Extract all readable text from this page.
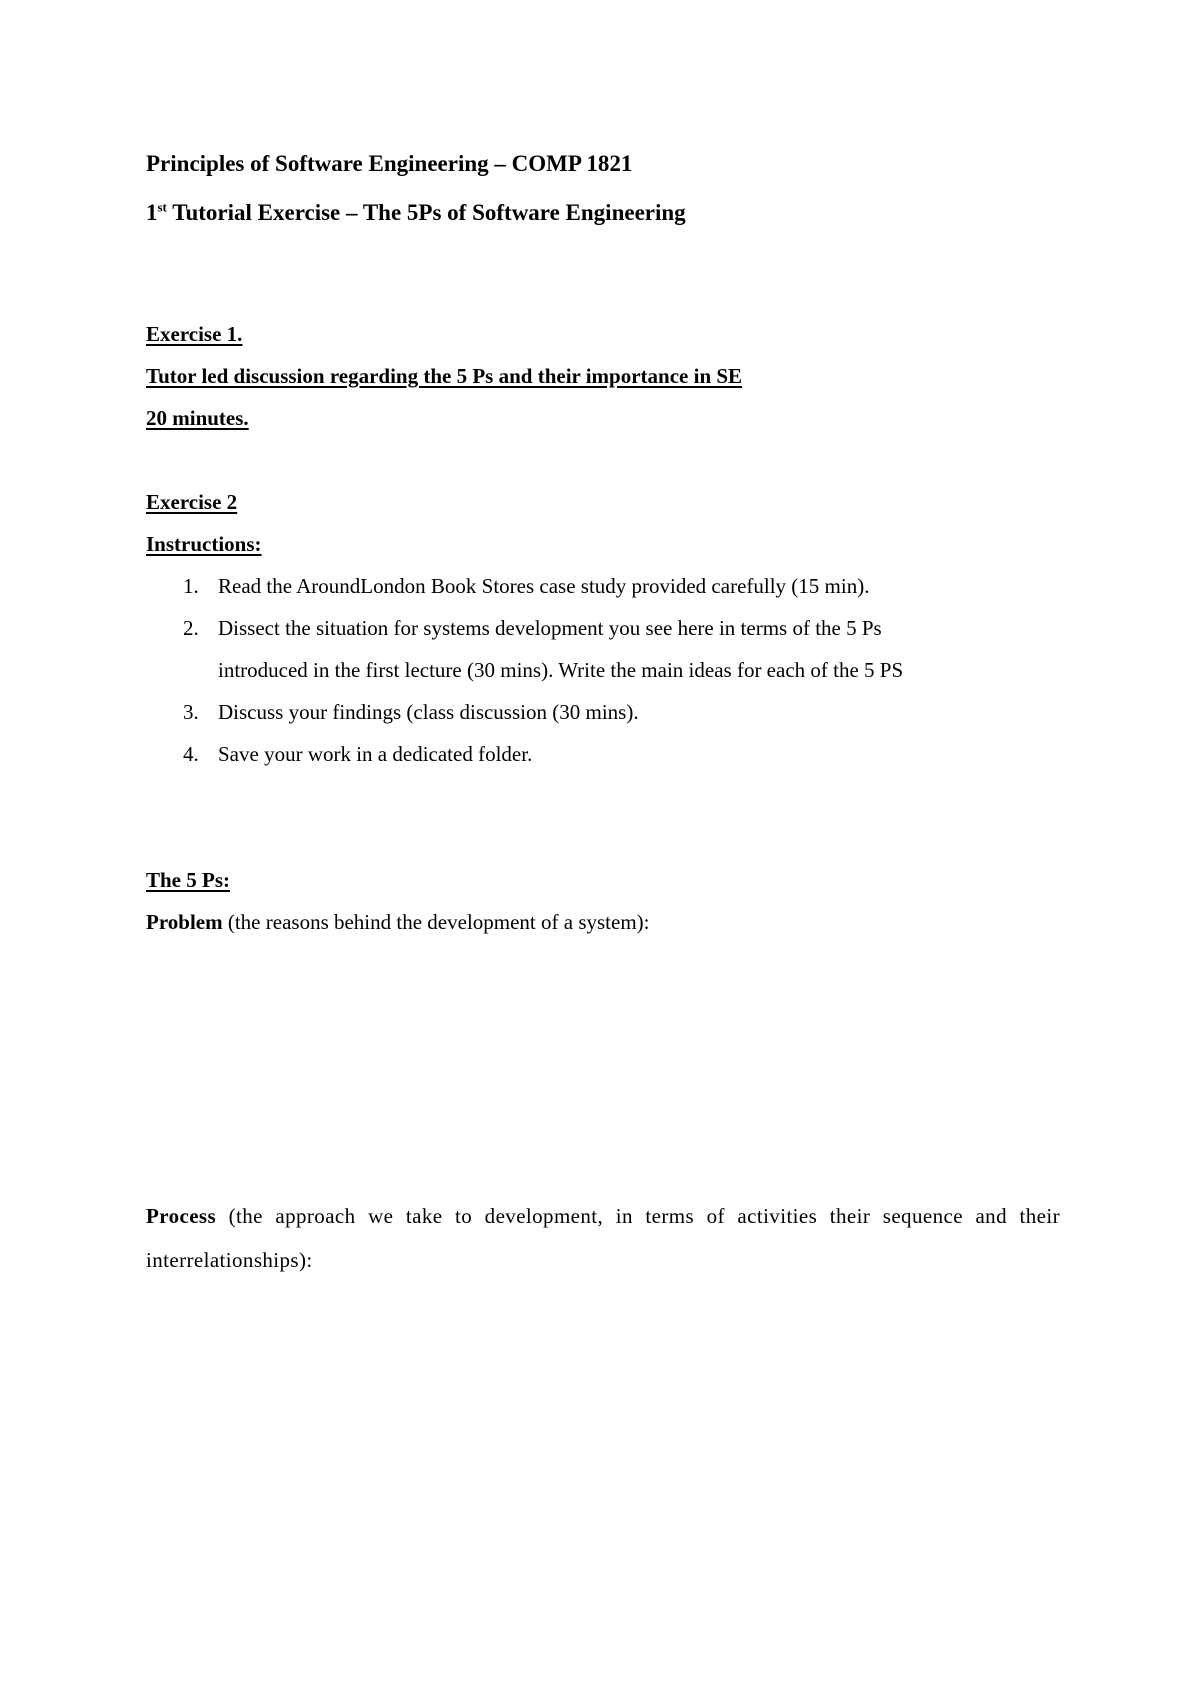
Principles of Software Engineering – COMP 1821
1st Tutorial Exercise – The 5Ps of Software Engineering
Exercise 1.
Tutor led discussion regarding the 5 Ps and their importance in SE
20 minutes.
Exercise 2
Instructions:
1. Read the AroundLondon Book Stores case study provided carefully (15 min).
2. Dissect the situation for systems development you see here in terms of the 5 Ps
introduced in the first lecture (30 mins). Write the main ideas for each of the 5 PS
3. Discuss your findings (class discussion (30 mins).
4. Save your work in a dedicated folder.
The 5 Ps:
Problem (the reasons behind the development of a system):
Process (the approach we take to development, in terms of activities their sequence and their
interrelationships):
